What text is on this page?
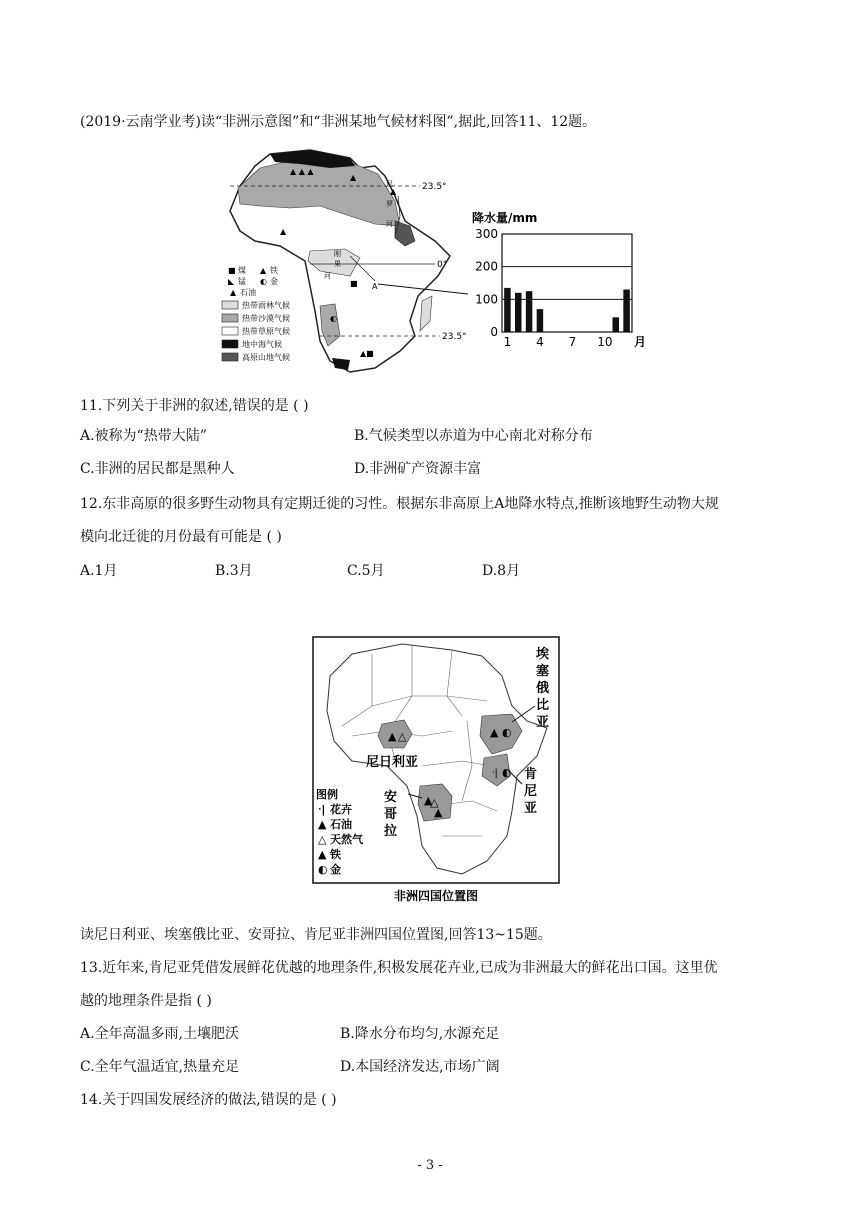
(2019·云南学业考)读“非洲示意图”和“非洲某地气候材料图”,据此,回答11、12题。
▲ ▲ ▲
▲
▲
▲
■
◐
▲■
23.5°
0°
23.5°
尼
罗
河
刚
果
河
A
■ 煤 ▲ 铁
◣ 锰 ◐ 金
▲ 石油
热带雨林气候
热带沙漠气候
热带草原气候
地中海气候
高原山地气候
降水量/mm
300
200
100
0
1 4 7 10 月
11.下列关于非洲的叙述,错误的是 ( )
A.被称为“热带大陆”	B.气候类型以赤道为中心南北对称分布
C.非洲的居民都是黑种人	D.非洲矿产资源丰富
12.东非高原的很多野生动物具有定期迁徙的习性。根据东非高原上A地降水特点,推断该地野生动物大规
模向北迁徙的月份最有可能是 ( )
A.1月	B.3月	C.5月	D.8月
▲ △	▲ ◐
ᐧ| ◐
▲
△
▲
埃
塞
俄
比
亚
尼日利亚
肯
尼
亚
安
哥
拉
图例
ᐧ| 花卉
▲ 石油
△ 天然气
▲ 铁
◐ 金
非洲四国位置图
读尼日利亚、埃塞俄比亚、安哥拉、肯尼亚非洲四国位置图,回答13~15题。
13.近年来,肯尼亚凭借发展鲜花优越的地理条件,积极发展花卉业,已成为非洲最大的鲜花出口国。这里优
越的地理条件是指 ( )
A.全年高温多雨,土壤肥沃	B.降水分布均匀,水源充足
C.全年气温适宜,热量充足	D.本国经济发达,市场广阔
14.关于四国发展经济的做法,错误的是 ( )
- 3 -
